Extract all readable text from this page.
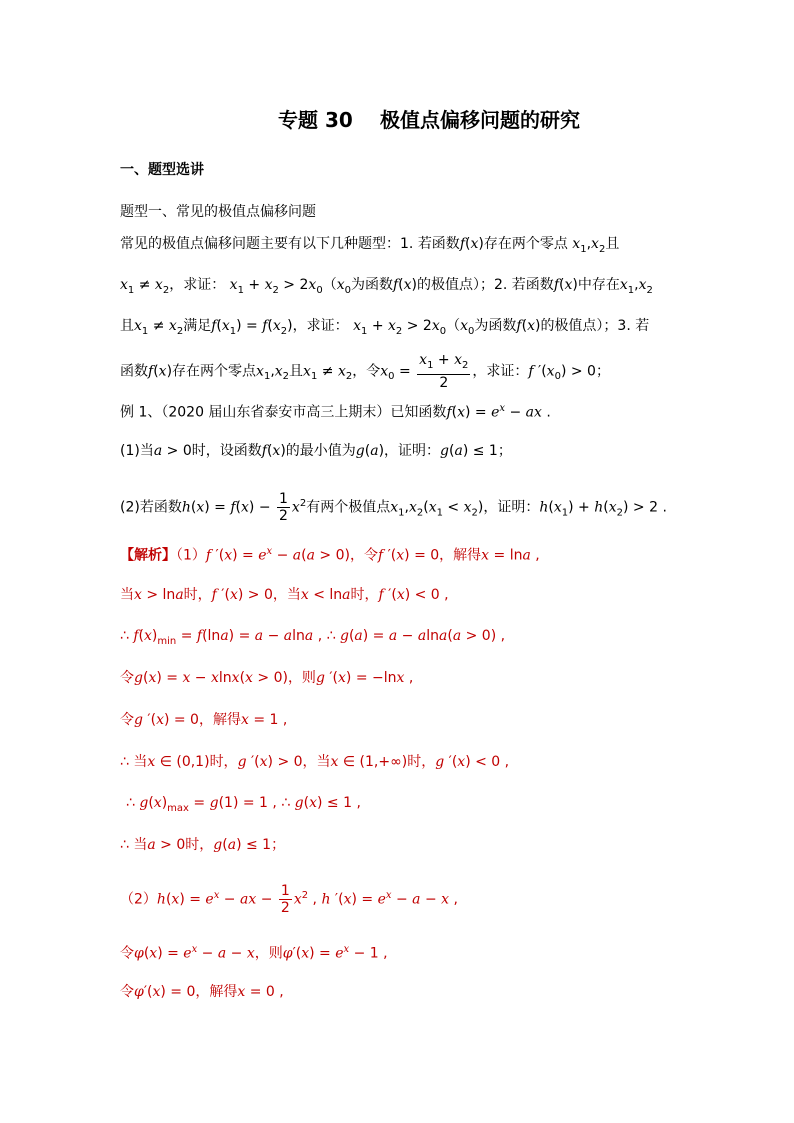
专题 30 极值点偏移问题的研究
一、题型选讲
题型一、常见的极值点偏移问题
常见的极值点偏移问题主要有以下几种题型：1. 若函数f(x)存在两个零点 $x_1,x_2$且
$x_1 \ne x_2$，求证： $x_1 + x_2 > 2x_0(x_0$为函数f(x)的极值点）；2. 若函数f(x)中存在$x_1,x_2$
且$x_1 \ne x_2$满足$f(x_1) = f(x_2)$，求证： $x_1 + x_2 > 2x_0(x_0$为函数f(x)的极值点）；3. 若
函数f(x)存在两个零点$x_1,x_2$且$x_1 \ne x_2$，令$x_0 = \frac{x_1 + x_2}{2}$ ，求证：f $'(x_0) > 0$；
例 1、（2020 届山东省泰安市高三上期末）已知函数$f(x) = e^x$ − ax .
(1)当a > 0时，设函数f(x)的最小值为g(a)，证明：g(a) ≤ 1；
(2)若函数$h(x) = f(x) - \frac{1}{2} x^2$有两个极值点$x_1,x_2(x_1 < x_2)$，证明：$h(x_1) + h(x_2) > 2$ .
【解析】（1）f $'(x) = e^x - a(a > 0)$，令f ′(x) = 0，解得x = lna ,
当x > lna时，f ′(x) > 0，当x < lna时，f ′(x) < 0 ,
∴ $f(x)_{min} = f(\ln a) = a - alna$ , ∴ g(a) = a − alna(a > 0) ,
令g(x) = x − xlnx(x > 0)，则g ′(x) = −lnx ,
令g ′(x) = 0，解得x = 1 ,
∴ 当x ∈ (0,1)时，g ′(x) > 0，当x ∈ (1,+∞)时，g ′(x) < 0 ,
∴ $g(x)_{max} = g(1) = 1$ , ∴ g(x) ≤ 1 ,
∴ 当a > 0时，g(a) ≤ 1；
$(2)h(x) = e^x$ − ax − $\frac{1}{2} x^2$ , h $'(x) = e^x - a - x$ ,
令$\varphi(x) = e^x - a - x$，则$\varphi'(x) = e^x - 1$ ,
令φ′(x) = 0，解得x = 0 ,
